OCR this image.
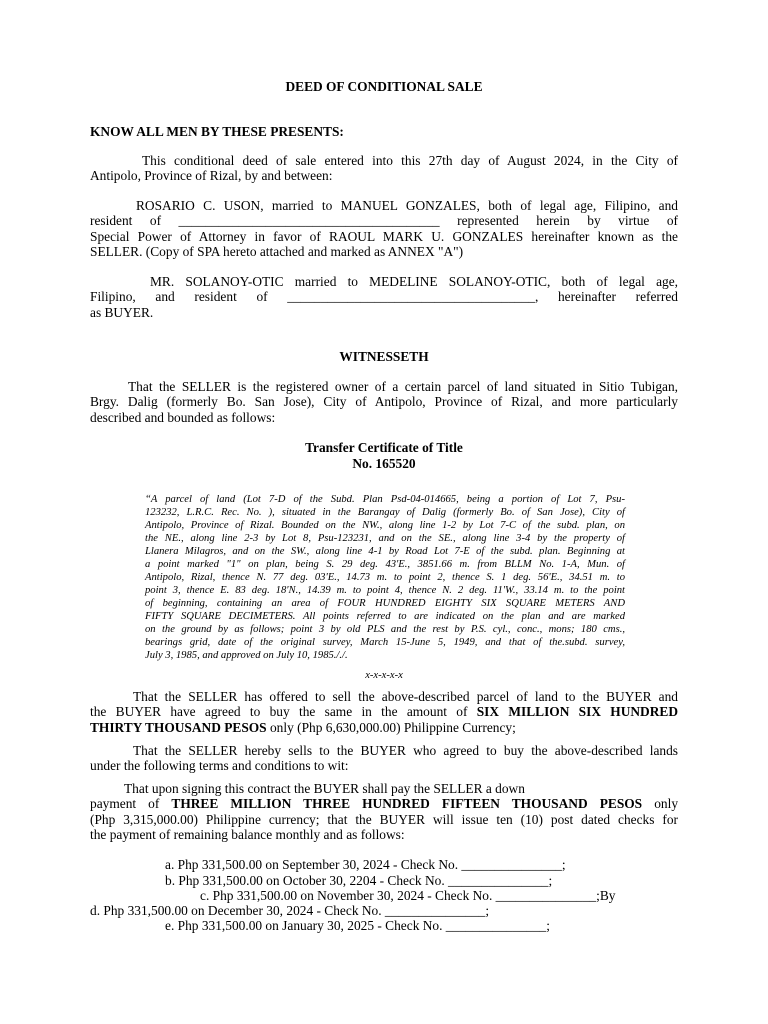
DEED OF CONDITIONAL SALE
KNOW ALL MEN BY THESE PRESENTS:
This conditional deed of sale entered into this 27th day of August 2024, in the City of
Antipolo, Province of Rizal, by and between:
ROSARIO C. USON, married to MANUEL GONZALES, both of legal age, Filipino, and
resident of _______________________________________ represented herein by virtue of
Special Power of Attorney in favor of RAOUL MARK U. GONZALES hereinafter known as the
SELLER. (Copy of SPA hereto attached and marked as ANNEX "A")
MR. SOLANOY-OTIC married to MEDELINE SOLANOY-OTIC, both of legal age,
Filipino, and resident of _____________________________________, hereinafter referred
as BUYER.
WITNESSETH
That the SELLER is the registered owner of a certain parcel of land situated in Sitio Tubigan,
Brgy. Dalig (formerly Bo. San Jose), City of Antipolo, Province of Rizal, and more particularly
described and bounded as follows:
Transfer Certificate of Title
No. 165520
“A parcel of land (Lot 7-D of the Subd. Plan Psd-04-014665, being a portion of Lot 7, Psu-
123232, L.R.C. Rec. No. ), situated in the Barangay of Dalig (formerly Bo. of San Jose), City of
Antipolo, Province of Rizal. Bounded on the NW., along line 1-2 by Lot 7-C of the subd. plan, on
the NE., along line 2-3 by Lot 8, Psu-123231, and on the SE., along line 3-4 by the property of
Llanera Milagros, and on the SW., along line 4-1 by Road Lot 7-E of the subd. plan. Beginning at
a point marked "1" on plan, being S. 29 deg. 43'E., 3851.66 m. from BLLM No. 1-A, Mun. of
Antipolo, Rizal, thence N. 77 deg. 03'E., 14.73 m. to point 2, thence S. 1 deg. 56'E., 34.51 m. to
point 3, thence E. 83 deg. 18'N., 14.39 m. to point 4, thence N. 2 deg. 11'W., 33.14 m. to the point
of beginning, containing an area of FOUR HUNDRED EIGHTY SIX SQUARE METERS AND
FIFTY SQUARE DECIMETERS. All points referred to are indicated on the plan and are marked
on the ground by as follows; point 3 by old PLS and the rest by P.S. cyl., conc., mons; 180 cms.,
bearings grid, date of the original survey, March 15-June 5, 1949, and that of the.subd. survey,
July 3, 1985, and approved on July 10, 1985././.
x-x-x-x-x
That the SELLER has offered to sell the above-described parcel of land to the BUYER and
the BUYER have agreed to buy the same in the amount of SIX MILLION SIX HUNDRED
THIRTY THOUSAND PESOS only (Php 6,630,000.00) Philippine Currency;
That the SELLER hereby sells to the BUYER who agreed to buy the above-described lands
under the following terms and conditions to wit:
That upon signing this contract the BUYER shall pay the SELLER a down
payment of THREE MILLION THREE HUNDRED FIFTEEN THOUSAND PESOS only
(Php 3,315,000.00) Philippine currency; that the BUYER will issue ten (10) post dated checks for
the payment of remaining balance monthly and as follows:
a. Php 331,500.00 on September 30, 2024 - Check No. _______________;
b. Php 331,500.00 on October 30, 2204 - Check No. _______________;
c. Php 331,500.00 on November 30, 2024 - Check No. _______________;By
d. Php 331,500.00 on December 30, 2024 - Check No. _______________;
e. Php 331,500.00 on January 30, 2025 - Check No. _______________;
